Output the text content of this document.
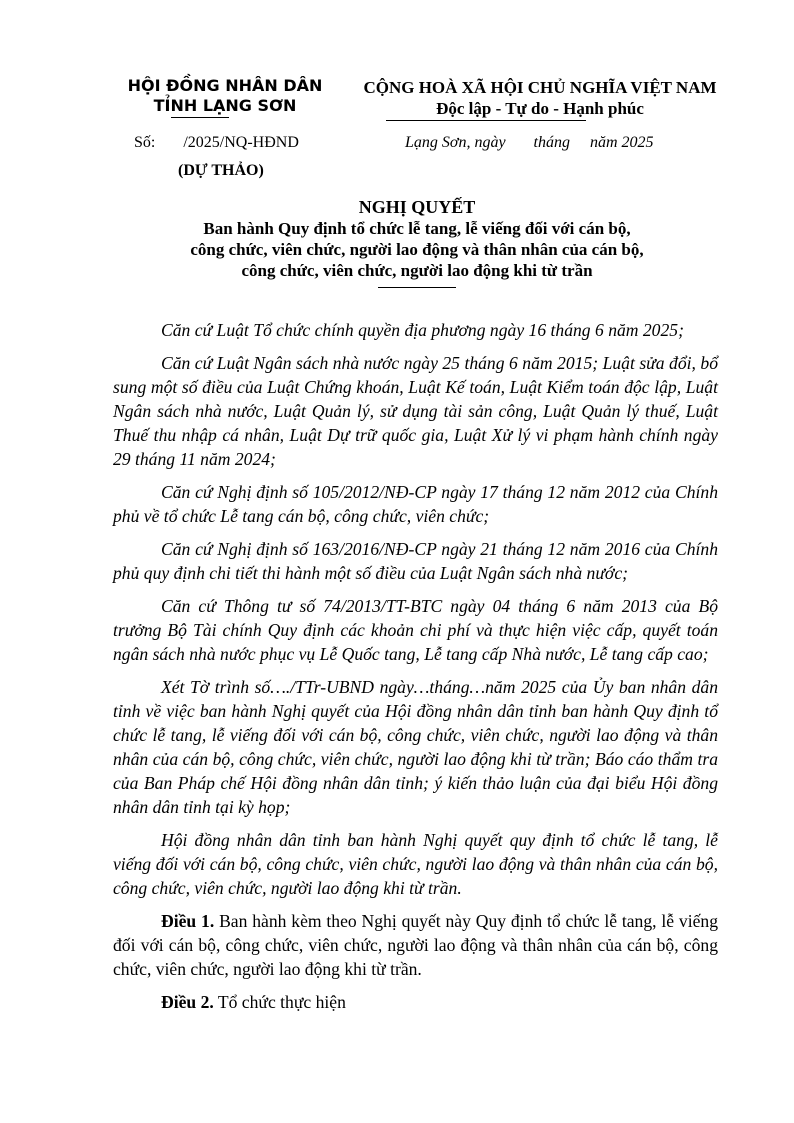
HỘI ĐỒNG NHÂN DÂN
TỈNH LẠNG SƠN
CỘNG HOÀ XÃ HỘI CHỦ NGHĨA VIỆT NAM
Độc lập - Tự do - Hạnh phúc
Số:       /2025/NQ-HĐND	Lạng Sơn, ngày       tháng     năm 2025
(DỰ THẢO)
NGHỊ QUYẾT
Ban hành Quy định tổ chức lễ tang, lễ viếng đối với cán bộ,
công chức, viên chức, người lao động và thân nhân của cán bộ,
công chức, viên chức, người lao động khi từ trần

Căn cứ Luật Tổ chức chính quyền địa phương ngày 16 tháng 6 năm 2025;

Căn cứ Luật Ngân sách nhà nước ngày 25 tháng 6 năm 2015; Luật sửa đổi, bổ sung một số điều của Luật Chứng khoán, Luật Kế toán, Luật Kiểm toán độc lập, Luật Ngân sách nhà nước, Luật Quản lý, sử dụng tài sản công, Luật Quản lý thuế, Luật Thuế thu nhập cá nhân, Luật Dự trữ quốc gia, Luật Xử lý vi phạm hành chính ngày 29 tháng 11 năm 2024;

Căn cứ Nghị định số 105/2012/NĐ-CP ngày 17 tháng 12 năm 2012 của Chính phủ về tổ chức Lễ tang cán bộ, công chức, viên chức;

Căn cứ Nghị định số 163/2016/NĐ-CP ngày 21 tháng 12 năm 2016 của Chính phủ quy định chi tiết thi hành một số điều của Luật Ngân sách nhà nước;

Căn cứ Thông tư số 74/2013/TT-BTC ngày 04 tháng 6 năm 2013 của Bộ trưởng Bộ Tài chính Quy định các khoản chi phí và thực hiện việc cấp, quyết toán ngân sách nhà nước phục vụ Lễ Quốc tang, Lễ tang cấp Nhà nước, Lễ tang cấp cao;

Xét Tờ trình số…./TTr-UBND ngày…tháng…năm 2025 của Ủy ban nhân dân tỉnh về việc ban hành Nghị quyết của Hội đồng nhân dân tỉnh ban hành Quy định tổ chức lễ tang, lễ viếng đối với cán bộ, công chức, viên chức, người lao động và thân nhân của cán bộ, công chức, viên chức, người lao động khi từ trần; Báo cáo thẩm tra của Ban Pháp chế Hội đồng nhân dân tỉnh; ý kiến thảo luận của đại biểu Hội đồng nhân dân tỉnh tại kỳ họp;

Hội đồng nhân dân tỉnh ban hành Nghị quyết quy định tổ chức lễ tang, lễ viếng đối với cán bộ, công chức, viên chức, người lao động và thân nhân của cán bộ, công chức, viên chức, người lao động khi từ trần.

Điều 1. Ban hành kèm theo Nghị quyết này Quy định tổ chức lễ tang, lễ viếng đối với cán bộ, công chức, viên chức, người lao động và thân nhân của cán bộ, công chức, viên chức, người lao động khi từ trần.

Điều 2. Tổ chức thực hiện
